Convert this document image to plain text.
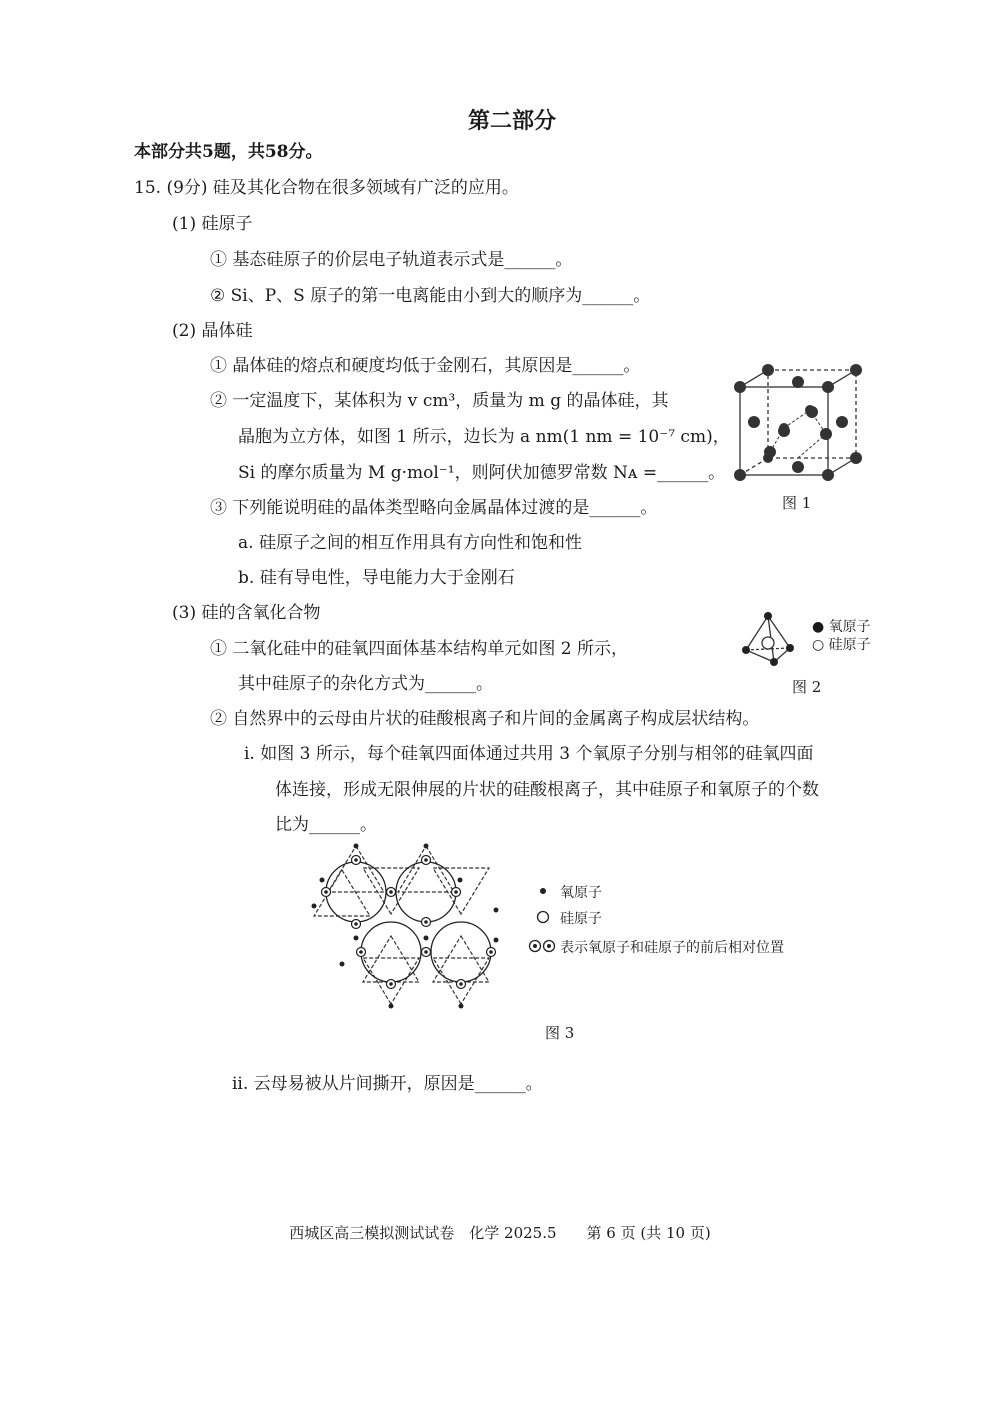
第二部分
本部分共5题，共58分。
15. (9分) 硅及其化合物在很多领域有广泛的应用。
(1) 硅原子
① 基态硅原子的价层电子轨道表示式是______。
② Si、P、S 原子的第一电离能由小到大的顺序为______。
(2) 晶体硅
① 晶体硅的熔点和硬度均低于金刚石，其原因是______。
② 一定温度下，某体积为 v cm³，质量为 m g 的晶体硅，其
晶胞为立方体，如图 1 所示，边长为 a nm(1 nm = 10⁻⁷ cm)，
Si 的摩尔质量为 M g·mol⁻¹，则阿伏加德罗常数 Nᴀ =______。
③ 下列能说明硅的晶体类型略向金属晶体过渡的是______。
a. 硅原子之间的相互作用具有方向性和饱和性
b. 硅有导电性，导电能力大于金刚石
(3) 硅的含氧化合物
① 二氧化硅中的硅氧四面体基本结构单元如图 2 所示，
其中硅原子的杂化方式为______。
② 自然界中的云母由片状的硅酸根离子和片间的金属离子构成层状结构。
i. 如图 3 所示，每个硅氧四面体通过共用 3 个氧原子分别与相邻的硅氧四面
体连接，形成无限伸展的片状的硅酸根离子，其中硅原子和氧原子的个数
比为______。
ii. 云母易被从片间撕开，原因是______。
图 1
● 氧原子
○ 硅原子
图 2
氧原子
硅原子
表示氧原子和硅原子的前后相对位置
图 3
西城区高三模拟测试试卷　化学 2025.5　　第 6 页 (共 10 页)
